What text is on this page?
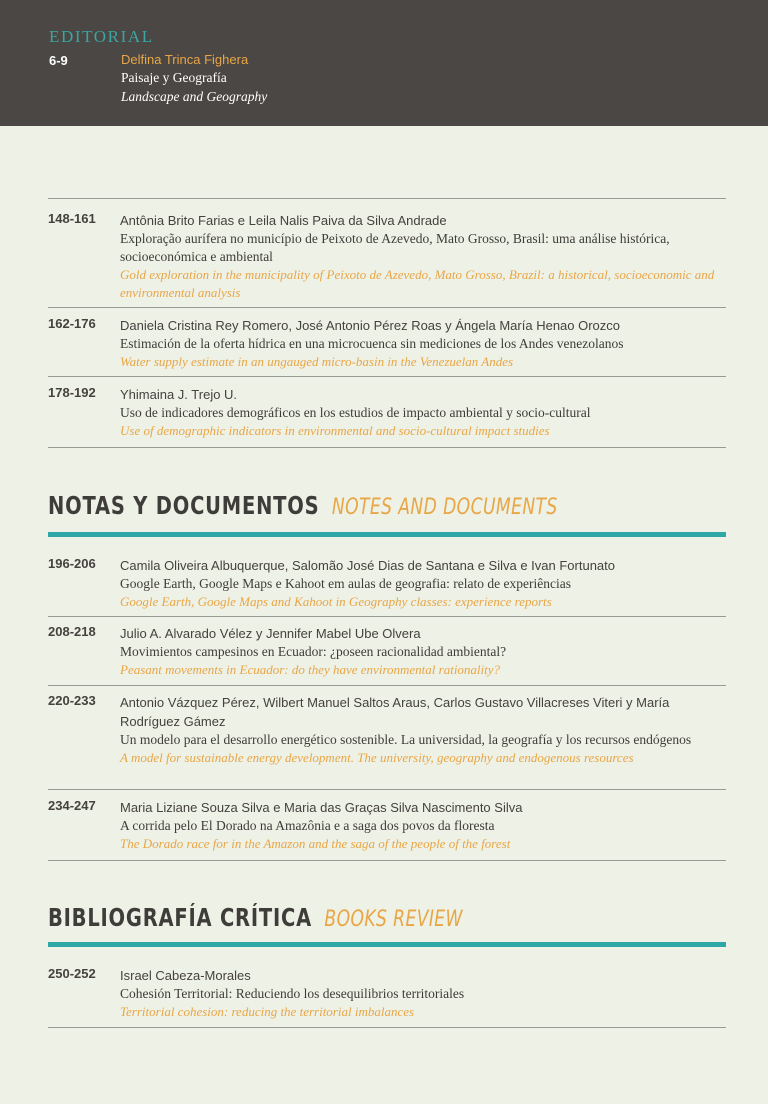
EDITORIAL
6-9	Delfina Trinca Fighera
Paisaje y Geografía
Landscape and Geography
148-161 Antônia Brito Farias e Leila Nalis Paiva da Silva Andrade
Exploração aurífera no município de Peixoto de Azevedo, Mato Grosso, Brasil: uma análise histórica, socioeconómica e ambiental
Gold exploration in the municipality of Peixoto de Azevedo, Mato Grosso, Brazil: a historical, socioeconomic and environmental analysis
162-176 Daniela Cristina Rey Romero, José Antonio Pérez Roas y Ángela María Henao Orozco
Estimación de la oferta hídrica en una microcuenca sin mediciones de los Andes venezolanos
Water supply estimate in an ungauged micro-basin in the Venezuelan Andes
178-192 Yhimaina J. Trejo U.
Uso de indicadores demográficos en los estudios de impacto ambiental y socio-cultural
Use of demographic indicators in environmental and socio-cultural impact studies
NOTAS Y DOCUMENTOS NOTES AND DOCUMENTS
196-206 Camila Oliveira Albuquerque, Salomão José Dias de Santana e Silva e Ivan Fortunato
Google Earth, Google Maps e Kahoot em aulas de geografia: relato de experiências
Google Earth, Google Maps and Kahoot in Geography classes: experience reports
208-218 Julio A. Alvarado Vélez y Jennifer Mabel Ube Olvera
Movimientos campesinos en Ecuador: ¿poseen racionalidad ambiental?
Peasant movements in Ecuador: do they have environmental rationality?
220-233 Antonio Vázquez Pérez, Wilbert Manuel Saltos Araus, Carlos Gustavo Villacreses Viteri y María Rodríguez Gámez
Un modelo para el desarrollo energético sostenible. La universidad, la geografía y los recursos endógenos
A model for sustainable energy development. The university, geography and endogenous resources
234-247 Maria Liziane Souza Silva e Maria das Graças Silva Nascimento Silva
A corrida pelo El Dorado na Amazônia e a saga dos povos da floresta
The Dorado race for in the Amazon and the saga of the people of the forest
BIBLIOGRAFÍA CRÍTICA BOOKS REVIEW
250-252 Israel Cabeza-Morales
Cohesión Territorial: Reduciendo los desequilibrios territoriales
Territorial cohesion: reducing the territorial imbalances
